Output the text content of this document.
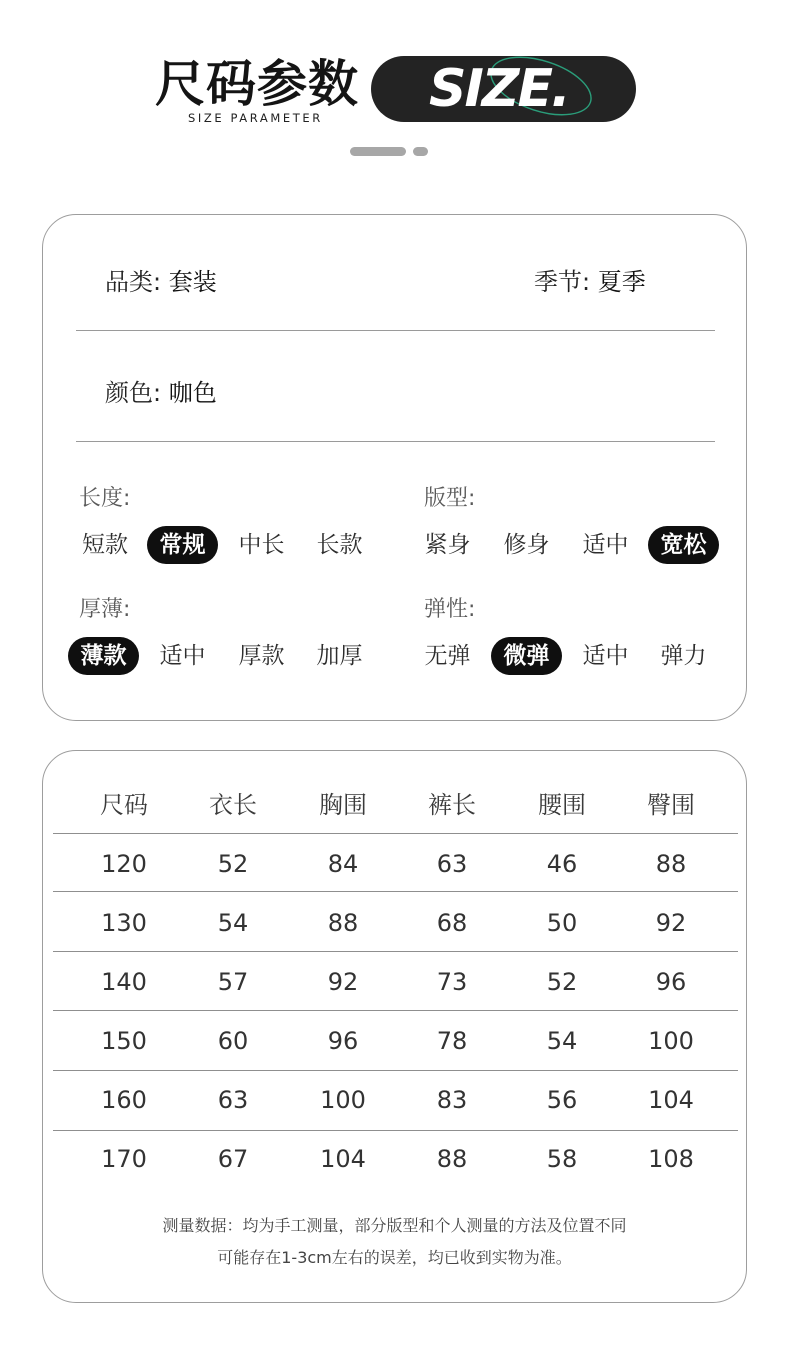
尺码参数
SIZE PARAMETER SIZE.
品类: 套装	季节: 夏季
颜色: 咖色
长度:
短款	常规	中长	长款
版型:
紧身	修身	适中	宽松
厚薄:
薄款	适中	厚款	加厚
弹性:
无弹	微弹	适中	弹力
尺码	衣长	胸围	裤长	腰围	臀围
120	52	84	63	46	88
130	54	88	68	50	92
140	57	92	73	52	96
150	60	96	78	54	100
160	63	100	83	56	104
170	67	104	88	58	108
测量数据：均为手工测量，部分版型和个人测量的方法及位置不同
可能存在1-3cm左右的误差，均已收到实物为准。
